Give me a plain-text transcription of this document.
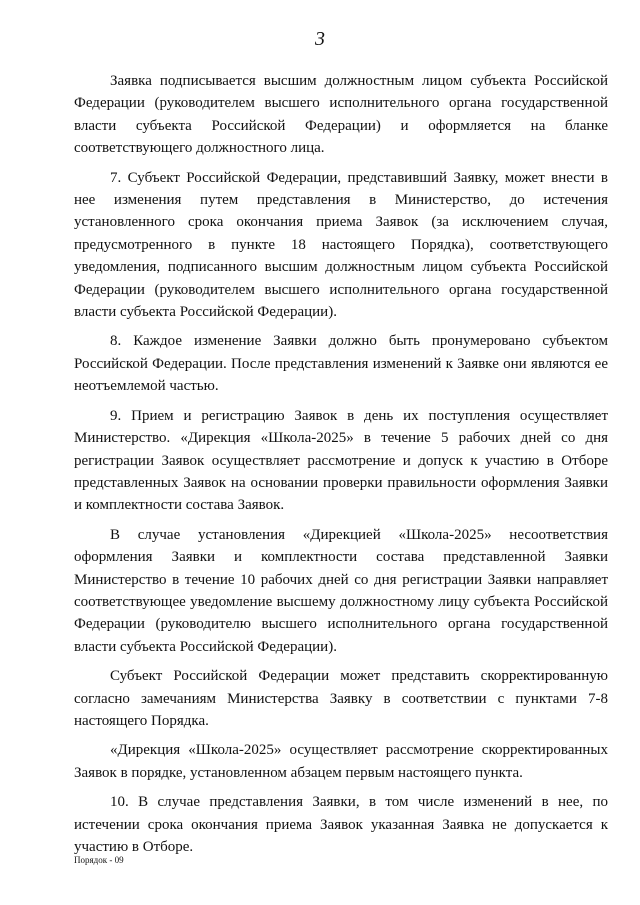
3

Заявка подписывается высшим должностным лицом субъекта Российской Федерации (руководителем высшего исполнительного органа государственной власти субъекта Российской Федерации) и оформляется на бланке соответствующего должностного лица.

7. Субъект Российской Федерации, представивший Заявку, может внести в нее изменения путем представления в Министерство, до истечения установленного срока окончания приема Заявок (за исключением случая, предусмотренного в пункте 18 настоящего Порядка), соответствующего уведомления, подписанного высшим должностным лицом субъекта Российской Федерации (руководителем высшего исполнительного органа государственной власти субъекта Российской Федерации).

8. Каждое изменение Заявки должно быть пронумеровано субъектом Российской Федерации. После представления изменений к Заявке они являются ее неотъемлемой частью.

9. Прием и регистрацию Заявок в день их поступления осуществляет Министерство. «Дирекция «Школа-2025» в течение 5 рабочих дней со дня регистрации Заявок осуществляет рассмотрение и допуск к участию в Отборе представленных Заявок на основании проверки правильности оформления Заявки и комплектности состава Заявок.

В случае установления «Дирекцией «Школа-2025» несоответствия оформления Заявки и комплектности состава представленной Заявки Министерство в течение 10 рабочих дней со дня регистрации Заявки направляет соответствующее уведомление высшему должностному лицу субъекта Российской Федерации (руководителю высшего исполнительного органа государственной власти субъекта Российской Федерации).

Субъект Российской Федерации может представить скорректированную согласно замечаниям Министерства Заявку в соответствии с пунктами 7-8 настоящего Порядка.

«Дирекция «Школа-2025» осуществляет рассмотрение скорректированных Заявок в порядке, установленном абзацем первым настоящего пункта.

10. В случае представления Заявки, в том числе изменений в нее, по истечении срока окончания приема Заявок указанная Заявка не допускается к участию в Отборе.

Порядок - 09
